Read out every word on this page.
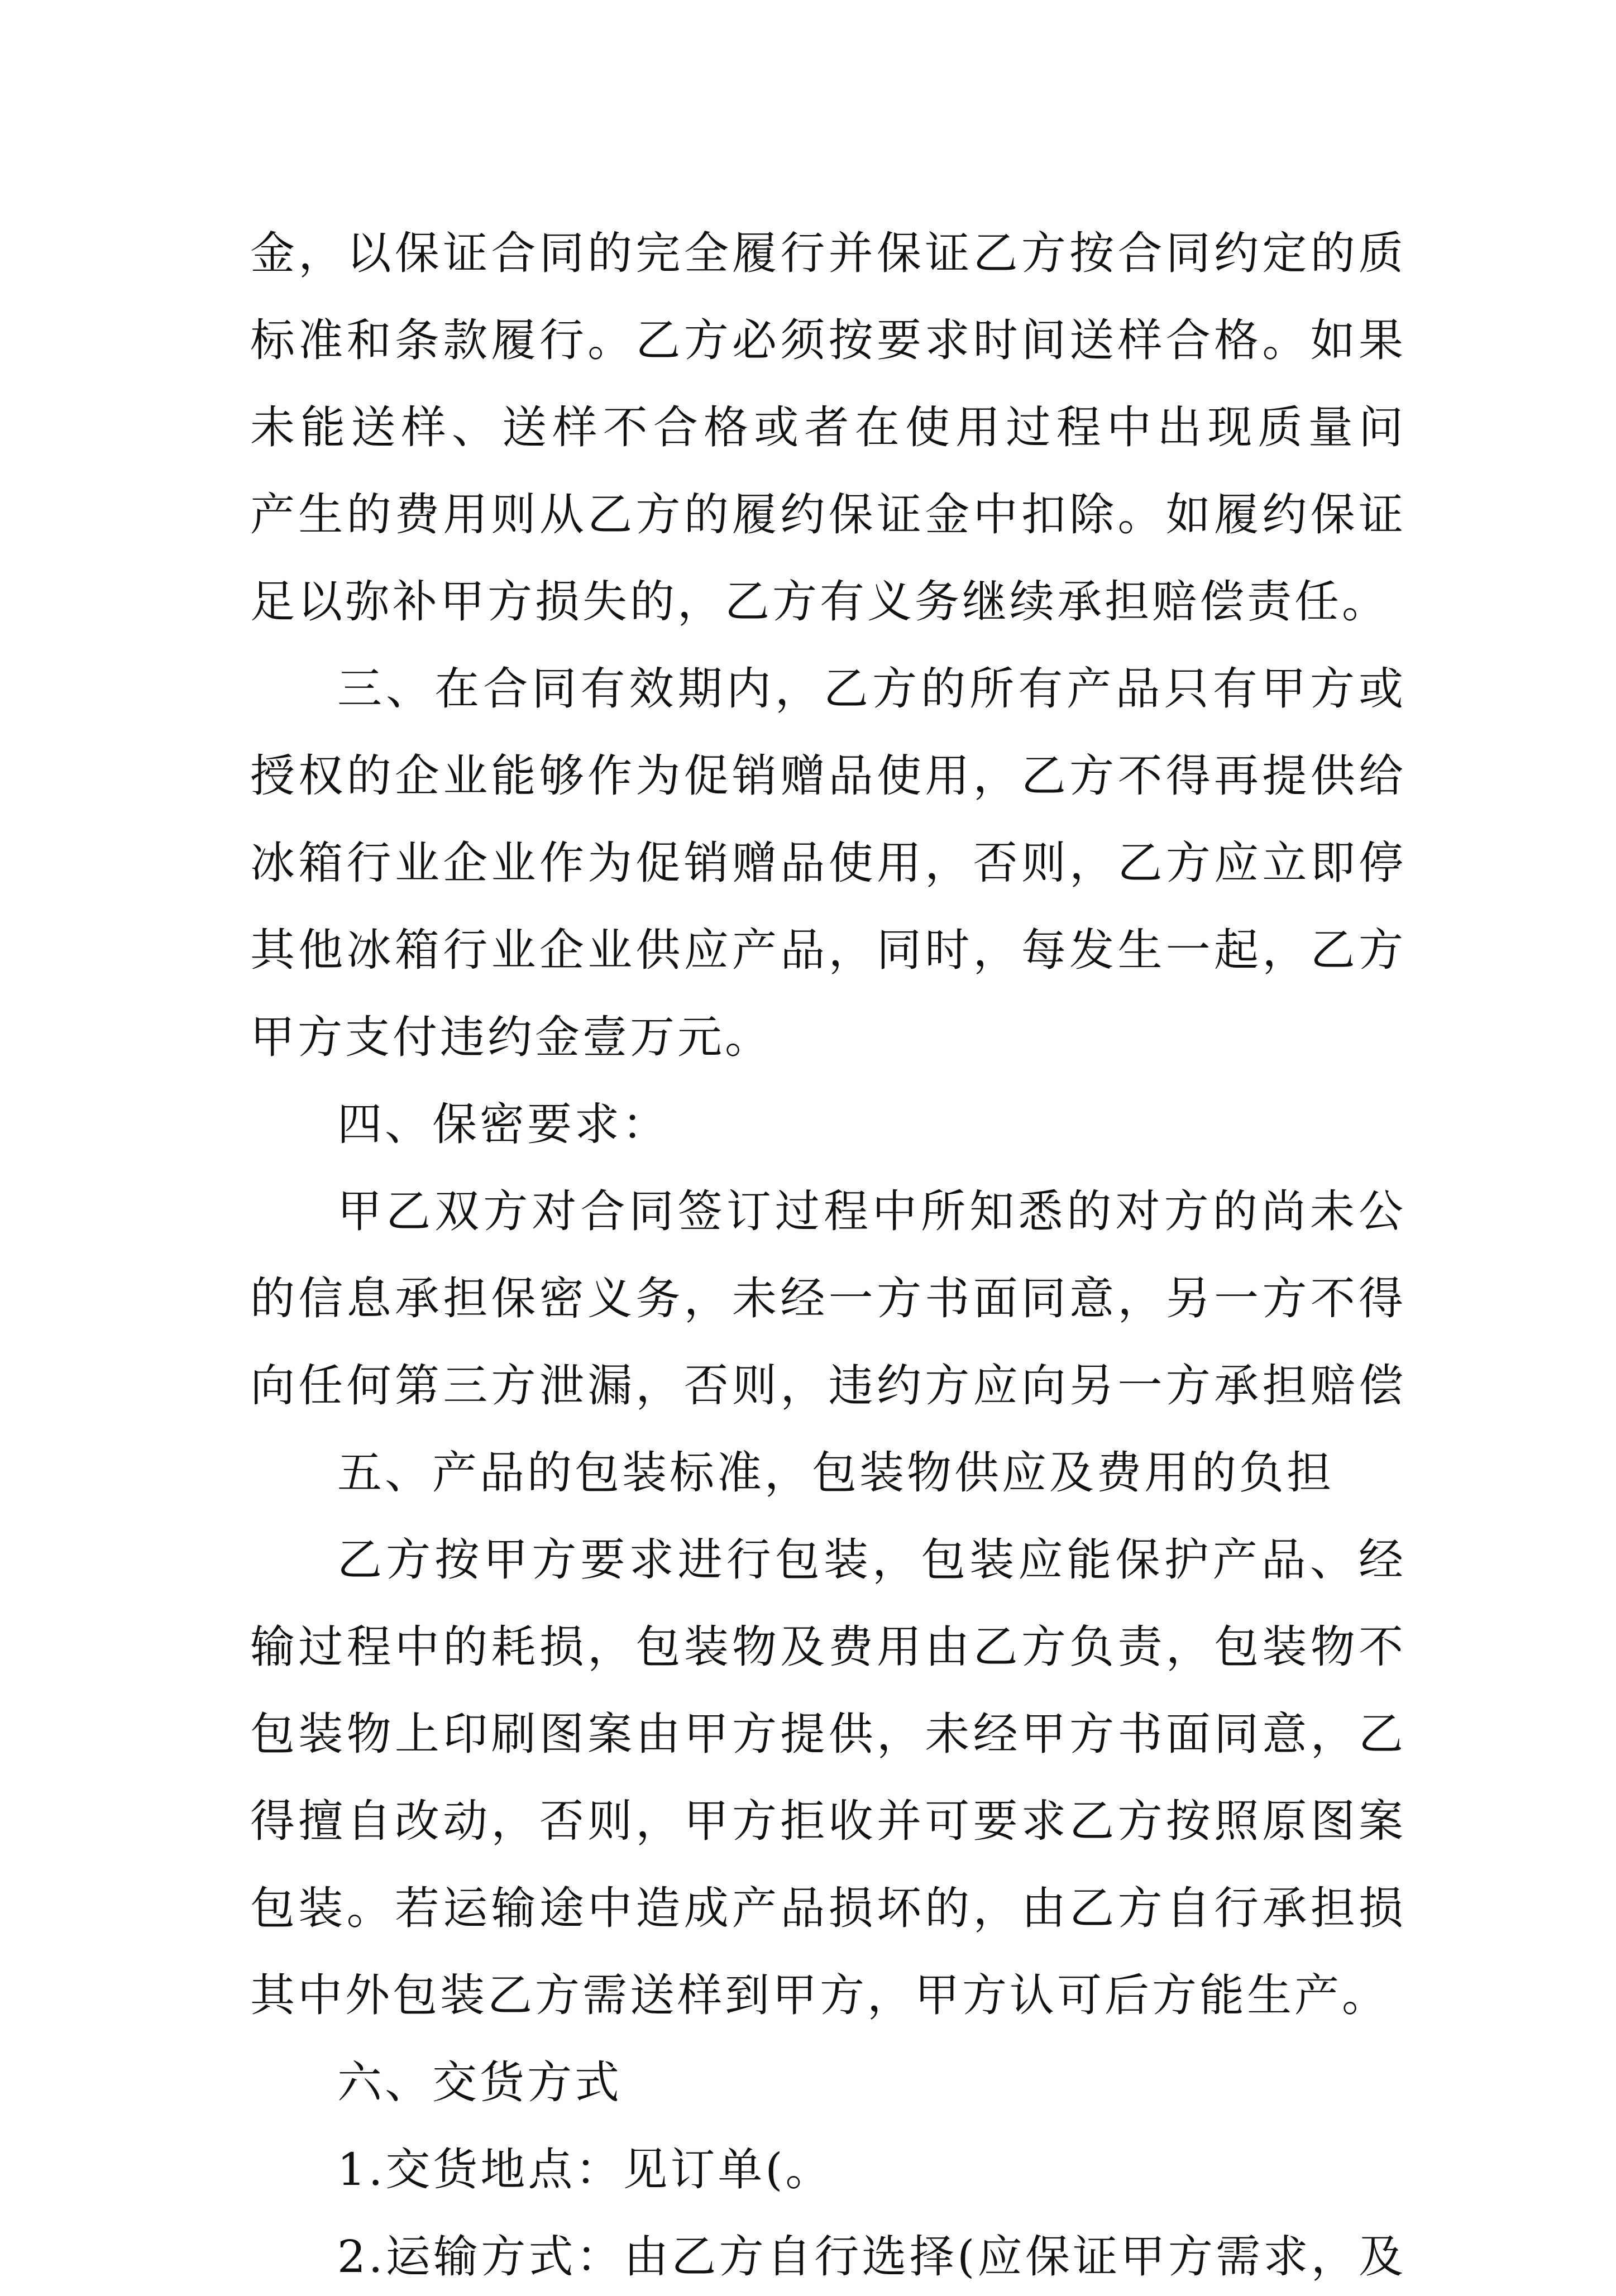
金，以保证合同的完全履行并保证乙方按合同约定的质
标准和条款履行。乙方必须按要求时间送样合格。如果
未能送样、送样不合格或者在使用过程中出现质量问
产生的费用则从乙方的履约保证金中扣除。如履约保证
足以弥补甲方损失的，乙方有义务继续承担赔偿责任。
三、在合同有效期内，乙方的所有产品只有甲方或
授权的企业能够作为促销赠品使用，乙方不得再提供给
冰箱行业企业作为促销赠品使用，否则，乙方应立即停
其他冰箱行业企业供应产品，同时，每发生一起，乙方
甲方支付违约金壹万元。
四、保密要求：
甲乙双方对合同签订过程中所知悉的对方的尚未公
的信息承担保密义务，未经一方书面同意，另一方不得
向任何第三方泄漏，否则，违约方应向另一方承担赔偿
五、产品的包装标准，包装物供应及费用的负担
乙方按甲方要求进行包装，包装应能保护产品、经
输过程中的耗损，包装物及费用由乙方负责，包装物不
包装物上印刷图案由甲方提供，未经甲方书面同意，乙
得擅自改动，否则，甲方拒收并可要求乙方按照原图案
包装。若运输途中造成产品损坏的，由乙方自行承担损
其中外包装乙方需送样到甲方，甲方认可后方能生产。
六、交货方式
1.交货地点：见订单(。
2.运输方式：由乙方自行选择(应保证甲方需求，及
